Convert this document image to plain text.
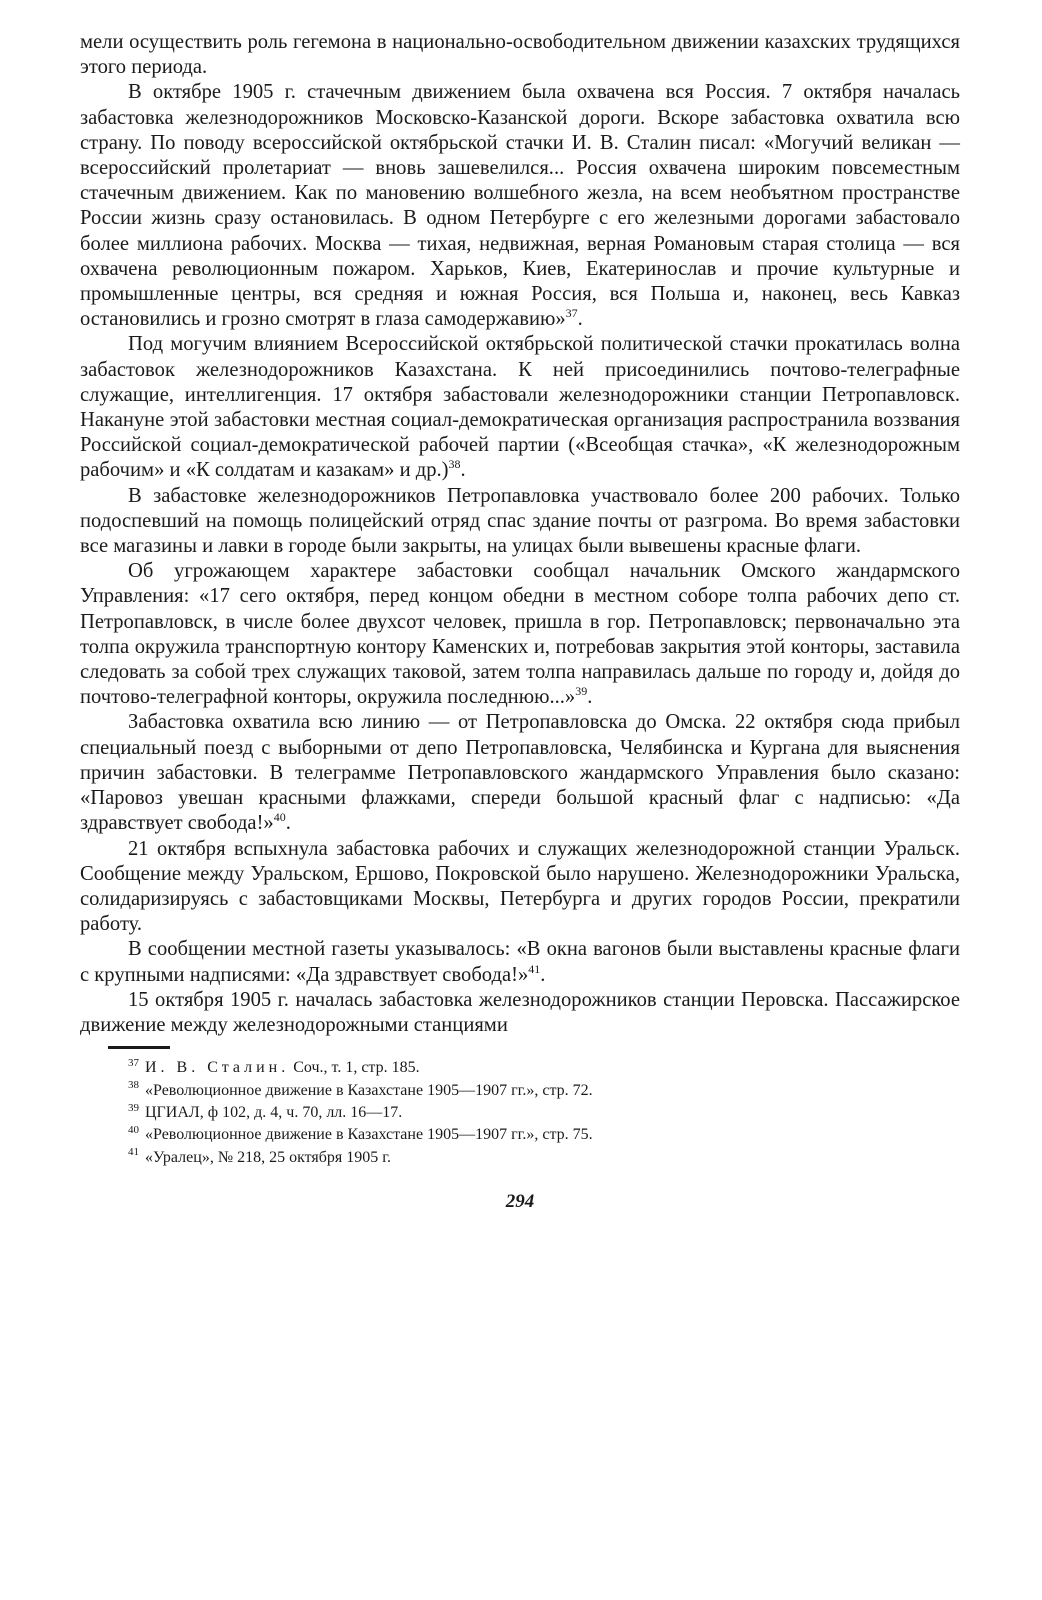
мели осуществить роль гегемона в национально-освободительном движении казахских трудящихся этого периода.

В октябре 1905 г. стачечным движением была охвачена вся Россия. 7 октября началась забастовка железнодорожников Московско-Казанской дороги. Вскоре забастовка охватила всю страну. По поводу всероссийской октябрьской стачки И. В. Сталин писал: «Могучий великан — всероссийский пролетариат — вновь зашевелился... Россия охвачена широким повсеместным стачечным движением. Как по мановению волшебного жезла, на всем необъятном пространстве России жизнь сразу остановилась. В одном Петербурге с его железными дорогами забастовало более миллиона рабочих. Москва — тихая, недвижная, верная Романовым старая столица — вся охвачена революционным пожаром. Харьков, Киев, Екатеринослав и прочие культурные и промышленные центры, вся средняя и южная Россия, вся Польша и, наконец, весь Кавказ остановились и грозно смотрят в глаза самодержавию»$^{37}$.

Под могучим влиянием Всероссийской октябрьской политической стачки прокатилась волна забастовок железнодорожников Казахстана. К ней присоединились почтово-телеграфные служащие, интеллигенция. 17 октября забастовали железнодорожники станции Петропавловск. Накануне этой забастовки местная социал-демократическая организация распространила воззвания Российской социал-демократической рабочей партии («Всеобщая стачка», «К железнодорожным рабочим» и «К солдатам и казакам» и др.)$^{38}$.

В забастовке железнодорожников Петропавловка участвовало более 200 рабочих. Только подоспевший на помощь полицейский отряд спас здание почты от разгрома. Во время забастовки все магазины и лавки в городе были закрыты, на улицах были вывешены красные флаги.

Об угрожающем характере забастовки сообщал начальник Омского жандармского Управления: «17 сего октября, перед концом обедни в местном соборе толпа рабочих депо ст. Петропавловск, в числе более двухсот человек, пришла в гор. Петропавловск; первоначально эта толпа окружила транспортную контору Каменских и, потребовав закрытия этой конторы, заставила следовать за собой трех служащих таковой, затем толпа направилась дальше по городу и, дойдя до почтово-телеграфной конторы, окружила последнюю...»$^{39}$.

Забастовка охватила всю линию — от Петропавловска до Омска. 22 октября сюда прибыл специальный поезд с выборными от депо Петропавловска, Челябинска и Кургана для выяснения причин забастовки. В телеграмме Петропавловского жандармского Управления было сказано: «Паровоз увешан красными флажками, спереди большой красный флаг с надписью: «Да здравствует свобода!»$^{40}$.

21 октября вспыхнула забастовка рабочих и служащих железнодорожной станции Уральск. Сообщение между Уральском, Ершово, Покровской было нарушено. Железнодорожники Уральска, солидаризируясь с забастовщиками Москвы, Петербурга и других городов России, прекратили работу.

В сообщении местной газеты указывалось: «В окна вагонов были выставлены красные флаги с крупными надписями: «Да здравствует свобода!»$^{41}$.

15 октября 1905 г. началась забастовка железнодорожников станции Перовска. Пассажирское движение между железнодорожными станциями

$^{37}$ И. В. Сталин. Соч., т. 1, стр. 185.
$^{38}$ «Революционное движение в Казахстане 1905—1907 гг.», стр. 72.
$^{39}$ ЦГИАЛ, ф 102, д. 4, ч. 70, лл. 16—17.
$^{40}$ «Революционное движение в Казахстане 1905—1907 гг.», стр. 75.
$^{41}$ «Уралец», № 218, 25 октября 1905 г.
294
